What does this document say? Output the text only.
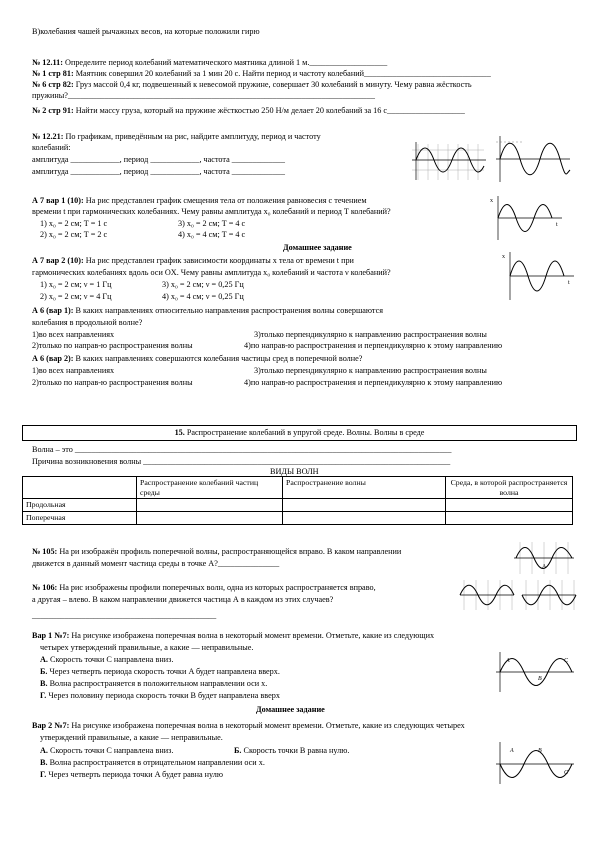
В)колебания чашей рычажных весов, на которые положили гирю
№ 12.11: Определите период колебаний математического маятника длиной 1 м.___________________
№ 1 стр 81: Маятник совершил 20 колебаний за 1 мин 20 с. Найти период и частоту колебаний_______________________________
№ 6 стр 82: Груз массой 0,4 кг, подвешенный к невесомой пружине, совершает 30 колебаний в минуту. Чему равна жёсткость
пружины?___________________________________________________________________________
№ 2 стр 91: Найти массу груза, который на пружине жёсткостью 250 Н/м делает 20 колебаний за 16 с___________________
№ 12.21: По графикам, приведённым на рис, найдите амплитуду, период и частоту
колебаний:
амплитуда ____________, период ____________, частота _____________
амплитуда ____________, период ____________, частота _____________
А 7 вар 1 (10): На рис представлен график смещения тела от положения равновесия с течением
времени t при гармонических колебаниях. Чему равны амплитуда x₀ колебаний и период T колебаний?
1) x₀ = 2 см; T = 1 с	3) x₀ = 2 см; T = 4 с
2) x₀ = 2 см; T = 2 с	4) x₀ = 4 см; T = 4 с
x
t
Домашнее задание
А 7 вар 2 (10): На рис представлен график зависимости координаты x тела от времени t при
гармонических колебаниях вдоль оси OX. Чему равны амплитуда x₀ колебаний и частота ν колебаний?
1) x₀ = 2 см; ν = 1 Гц	3) x₀ = 2 см; ν = 0,25 Гц
2) x₀ = 2 см; ν = 4 Гц	4) x₀ = 4 см; ν = 0,25 Гц
x
t
А 6 (вар 1): В каких направлениях относительно направления распространения волны совершаются
колебания в продольной волне?
1)во всех направлениях	3)только перпендикулярно к направлению распространения волны
2)только по направ-ю распространения волны	4)по направ-ю распространения и перпендикулярно к этому направлению
А 6 (вар 2): В каких направлениях совершаются колебания частицы сред в поперечной волне?
1)во всех направлениях	3)только перпендикулярно к направлению распространения волны
2)только по направ-ю распространения волны	4)по направ-ю распространения и перпендикулярно к этому направлению
15. Распространение колебаний в упругой среде. Волны. Волны в среде
Волна – это ____________________________________________________________________________________________
Причина возникновения волны ___________________________________________________________________________
ВИДЫ ВОЛН
	Распространение колебаний частиц среды	Распространение волны	Среда, в которой распространяется волна
Продольная			
Поперечная			
№ 105: На ри изображён профиль поперечной волны, распространяющейся вправо. В каком направлении
движется в данный момент частица среды в точке А?_______________	A
№ 106: На рис изображены профили поперечных волн, одна из которых распространяется вправо,
а другая – влево. В каком направлении движется частица А в каждом из этих случаев?
_____________________________________________
Вар 1 №7: На рисунке изображена поперечная волна в некоторый момент времени. Отметьте, какие из следующих
четырех утверждений правильные, а какие — неправильные.
А. Скорость точки C направлена вниз.
Б. Через четверть периода скорость точки A будет направлена вверх.
В. Волна распространяется в положительном направлении оси x.
Г. Через половину периода скорость точки B будет направлена вверх
A
B
C
Домашнее задание
Вар 2 №7: На рисунке изображена поперечная волна в некоторый момент времени. Отметьте, какие из следующих четырех
утверждений правильные, а какие — неправильные.
А. Скорость точки C направлена вниз.	Б. Скорость точки B равна нулю.
В. Волна распространяется в отрицательном направлении оси x.
Г. Через четверть периода точки A будет равна нулю
A	B
C
